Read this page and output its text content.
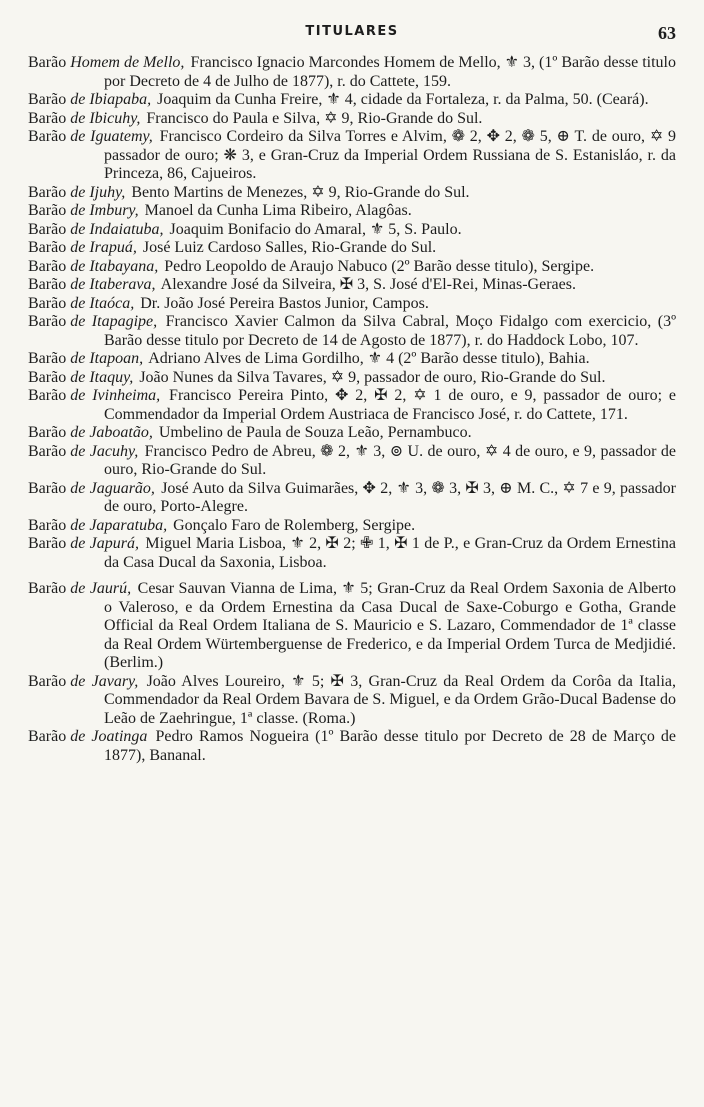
TITULARES	63

Barão Homem de Mello, Francisco Ignacio Marcondes Homem de Mello, ⚜ 3, (1º Barão desse titulo por Decreto de 4 de Julho de 1877), r. do Cattete, 159.

Barão de Ibiapaba, Joaquim da Cunha Freire, ⚜ 4, cidade da Fortaleza, r. da Palma, 50. (Ceará).

Barão de Ibicuhy, Francisco do Paula e Silva, ✡ 9, Rio-Grande do Sul.

Barão de Iguatemy, Francisco Cordeiro da Silva Torres e Alvim, ❁ 2, ✥ 2, ❁ 5, ⊕ T. de ouro, ✡ 9 passador de ouro; ❋ 3, e Gran-Cruz da Imperial Ordem Russiana de S. Estanisláo, r. da Princeza, 86, Cajueiros.

Barão de Ijuhy, Bento Martins de Menezes, ✡ 9, Rio-Grande do Sul.

Barão de Imbury, Manoel da Cunha Lima Ribeiro, Alagôas.

Barão de Indaiatuba, Joaquim Bonifacio do Amaral, ⚜ 5, S. Paulo.

Barão de Irapuá, José Luiz Cardoso Salles, Rio-Grande do Sul.

Barão de Itabayana, Pedro Leopoldo de Araujo Nabuco (2º Barão desse titulo), Sergipe.

Barão de Itaberava, Alexandre José da Silveira, ✠ 3, S. José d'El-Rei, Minas-Geraes.

Barão de Itaóca, Dr. João José Pereira Bastos Junior, Campos.

Barão de Itapagipe, Francisco Xavier Calmon da Silva Cabral, Moço Fidalgo com exercicio, (3º Barão desse titulo por Decreto de 14 de Agosto de 1877), r. do Haddock Lobo, 107.

Barão de Itapoan, Adriano Alves de Lima Gordilho, ⚜ 4 (2º Barão desse titulo), Bahia.

Barão de Itaquy, João Nunes da Silva Tavares, ✡ 9, passador de ouro, Rio-Grande do Sul.

Barão de Ivinheima, Francisco Pereira Pinto, ✥ 2, ✠ 2, ✡ 1 de ouro, e 9, passador de ouro; e Commendador da Imperial Ordem Austriaca de Francisco José, r. do Cattete, 171.

Barão de Jaboatão, Umbelino de Paula de Souza Leão, Pernambuco.

Barão de Jacuhy, Francisco Pedro de Abreu, ❁ 2, ⚜ 3, ⊚ U. de ouro, ✡ 4 de ouro, e 9, passador de ouro, Rio-Grande do Sul.

Barão de Jaguarão, José Auto da Silva Guimarães, ✥ 2, ⚜ 3, ❁ 3, ✠ 3, ⊕ M. C., ✡ 7 e 9, passador de ouro, Porto-Alegre.

Barão de Japaratuba, Gonçalo Faro de Rolemberg, Sergipe.

Barão de Japurá, Miguel Maria Lisboa, ⚜ 2, ✠ 2; ✙ 1, ✠ 1 de P., e Gran-Cruz da Ordem Ernestina da Casa Ducal da Saxonia, Lisboa.

Barão de Jaurú, Cesar Sauvan Vianna de Lima, ⚜ 5; Gran-Cruz da Real Ordem Saxonia de Alberto o Valeroso, e da Ordem Ernestina da Casa Ducal de Saxe-Coburgo e Gotha, Grande Official da Real Ordem Italiana de S. Mauricio e S. Lazaro, Commendador de 1ª classe da Real Ordem Würtemberguense de Frederico, e da Imperial Ordem Turca de Medjidié. (Berlim.)

Barão de Javary, João Alves Loureiro, ⚜ 5; ✠ 3, Gran-Cruz da Real Ordem da Corôa da Italia, Commendador da Real Ordem Bavara de S. Miguel, e da Ordem Grão-Ducal Badense do Leão de Zaehringue, 1ª classe. (Roma.)

Barão de Joatinga Pedro Ramos Nogueira (1º Barão desse titulo por Decreto de 28 de Março de 1877), Bananal.
